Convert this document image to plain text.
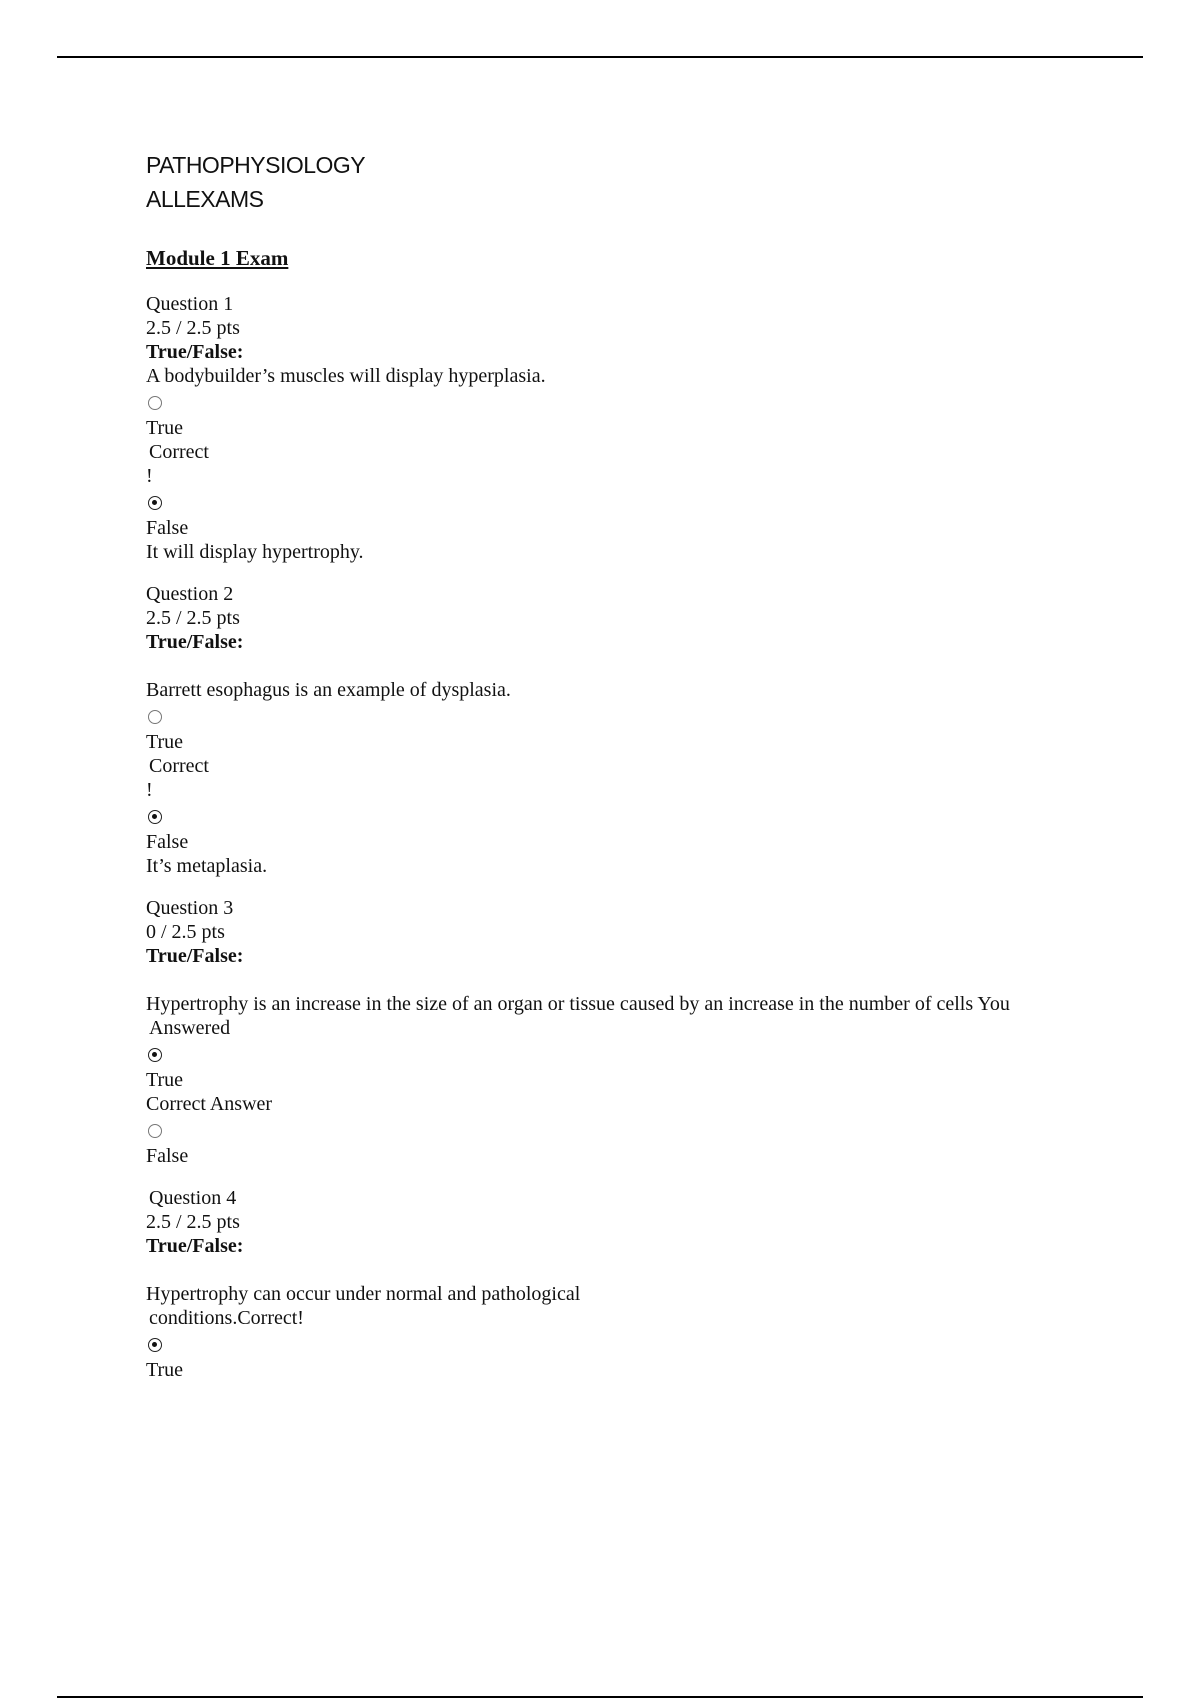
PATHOPHYSIOLOGY
ALLEXAMS
Module 1 Exam
Question 1
2.5 / 2.5 pts
True/False:
A bodybuilder’s muscles will display hyperplasia.
True
Correct
!
False
It will display hypertrophy.
Question 2
2.5 / 2.5 pts
True/False:
Barrett esophagus is an example of dysplasia.
True
Correct
!
False
It’s metaplasia.
Question 3
0 / 2.5 pts
True/False:
Hypertrophy is an increase in the size of an organ or tissue caused by an increase in the number of cells You
Answered
True
Correct Answer
False
Question 4
2.5 / 2.5 pts
True/False:
Hypertrophy can occur under normal and pathological
conditions.Correct!
True
